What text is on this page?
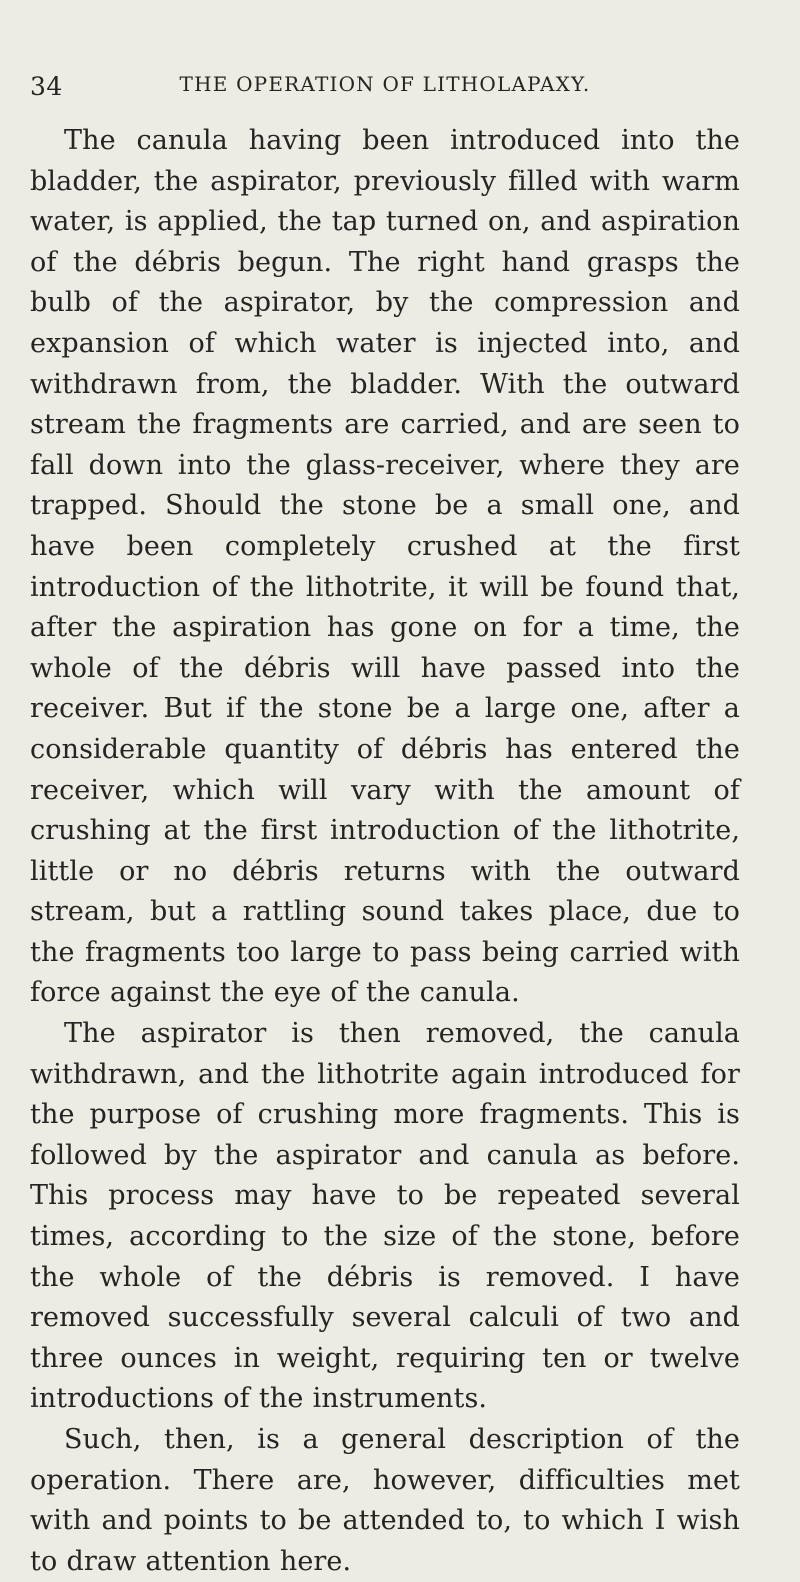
34	THE OPERATION OF LITHOLAPAXY.

The canula having been introduced into the bladder, the aspirator, previously filled with warm water, is applied, the tap turned on, and aspiration of the débris begun. The right hand grasps the bulb of the aspirator, by the compression and expansion of which water is injected into, and withdrawn from, the bladder. With the outward stream the fragments are carried, and are seen to fall down into the glass-receiver, where they are trapped. Should the stone be a small one, and have been completely crushed at the first introduction of the lithotrite, it will be found that, after the aspiration has gone on for a time, the whole of the débris will have passed into the receiver. But if the stone be a large one, after a considerable quantity of débris has entered the receiver, which will vary with the amount of crushing at the first introduction of the lithotrite, little or no débris returns with the outward stream, but a rattling sound takes place, due to the fragments too large to pass being carried with force against the eye of the canula.

The aspirator is then removed, the canula withdrawn, and the lithotrite again introduced for the purpose of crushing more fragments. This is followed by the aspirator and canula as before. This process may have to be repeated several times, according to the size of the stone, before the whole of the débris is removed. I have removed successfully several calculi of two and three ounces in weight, requiring ten or twelve introductions of the instruments.

Such, then, is a general description of the operation. There are, however, difficulties met with and points to be attended to, to which I wish to draw attention here.
